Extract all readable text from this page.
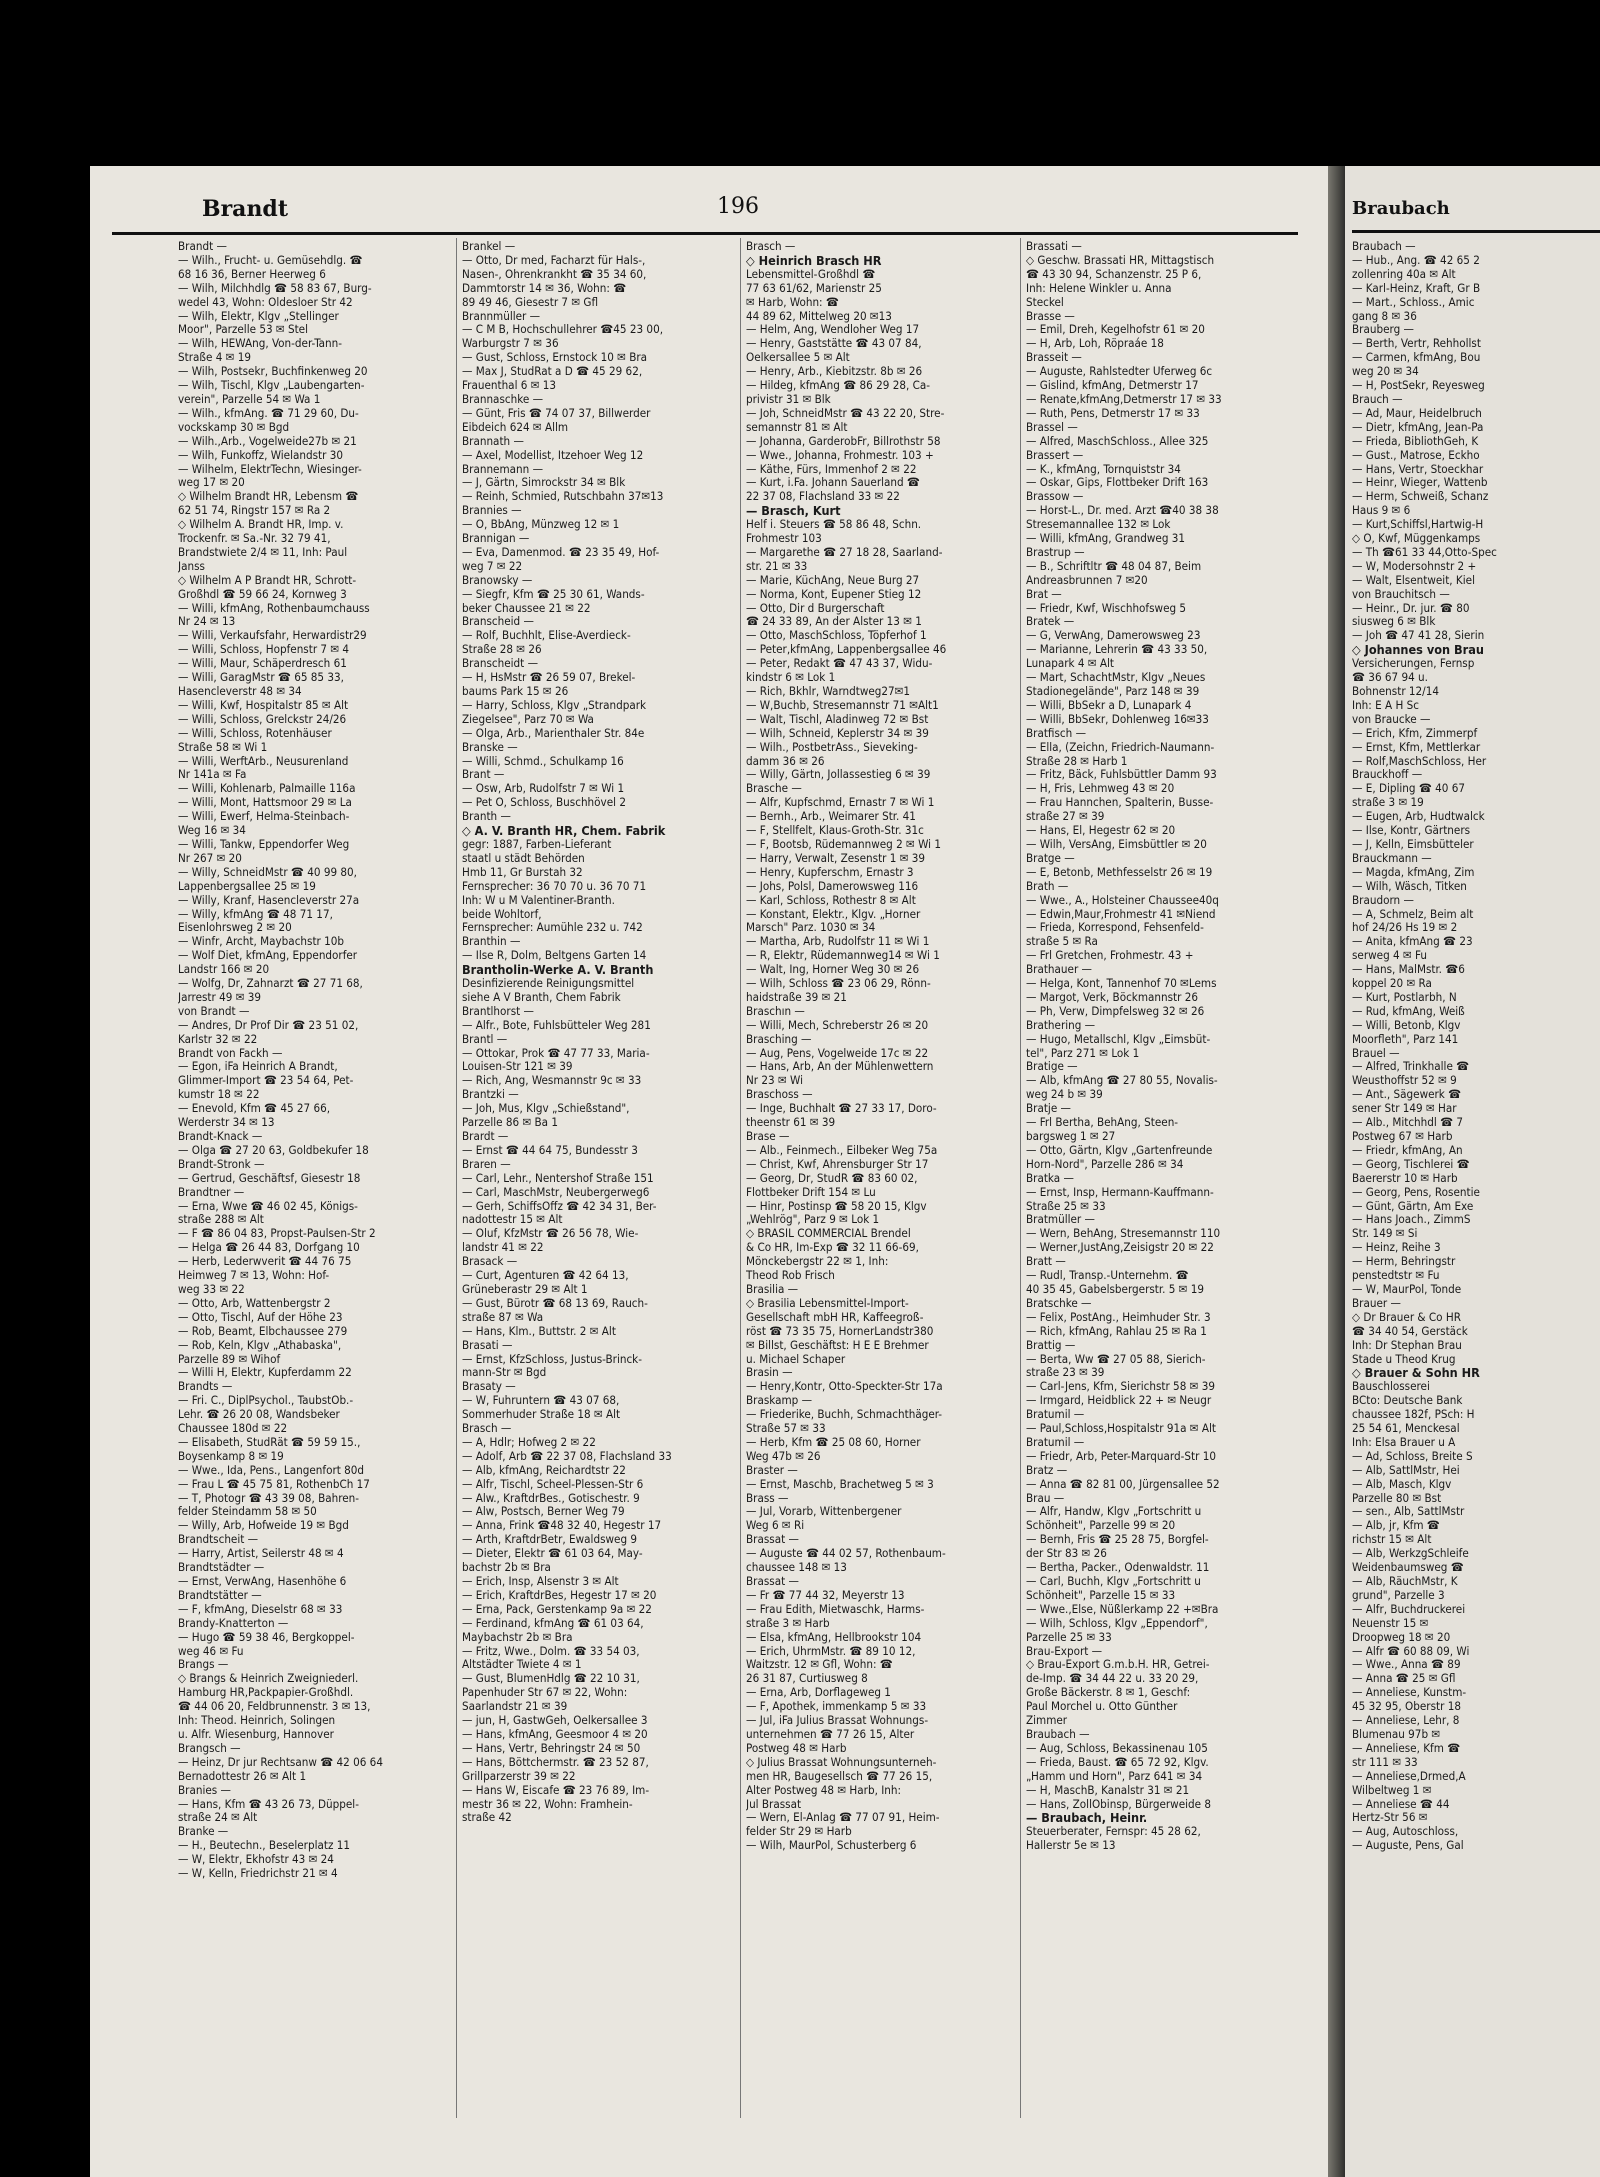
Brandt	196	Braubach
Brandt —
— Wilh., Frucht- u. Gemüsehdlg. ☎
68 16 36, Berner Heerweg 6
— Wilh, Milchhdlg ☎ 58 83 67, Burg-
wedel 43, Wohn: Oldesloer Str 42
— Wilh, Elektr, Klgv „Stellinger
Moor", Parzelle 53 ✉ Stel
— Wilh, HEWAng, Von-der-Tann-
Straße 4 ✉ 19
— Wilh, Postsekr, Buchfinkenweg 20
— Wilh, Tischl, Klgv „Laubengarten-
verein", Parzelle 54 ✉ Wa 1
— Wilh., kfmAng. ☎ 71 29 60, Du-
vockskamp 30 ✉ Bgd
— Wilh.,Arb., Vogelweide27b ✉ 21
— Wilh, Funkoffz, Wielandstr 30
— Wilhelm, ElektrTechn, Wiesinger-
weg 17 ✉ 20
◇ Wilhelm Brandt HR, Lebensm ☎
62 51 74, Ringstr 157 ✉ Ra 2
◇ Wilhelm A. Brandt HR, Imp. v.
Trockenfr. ✉ Sa.-Nr. 32 79 41,
Brandstwiete 2/4 ✉ 11, Inh: Paul
Janss
◇ Wilhelm A P Brandt HR, Schrott-
Großhdl ☎ 59 66 24, Kornweg 3
— Willi, kfmAng, Rothenbaumchauss
Nr 24 ✉ 13
— Willi, Verkaufsfahr, Herwardistr29
— Willi, Schloss, Hopfenstr 7 ✉ 4
— Willi, Maur, Schäperdresch 61
— Willi, GaragMstr ☎ 65 85 33,
Hasencleverstr 48 ✉ 34
— Willi, Kwf, Hospitalstr 85 ✉ Alt
— Willi, Schloss, Grelckstr 24/26
— Willi, Schloss, Rotenhäuser
Straße 58 ✉ Wi 1
— Willi, WerftArb., Neusurenland
Nr 141a ✉ Fa
— Willi, Kohlenarb, Palmaille 116a
— Willi, Mont, Hattsmoor 29 ✉ La
— Willi, Ewerf, Helma-Steinbach-
Weg 16 ✉ 34
— Willi, Tankw, Eppendorfer Weg
Nr 267 ✉ 20
— Willy, SchneidMstr ☎ 40 99 80,
Lappenbergsallee 25 ✉ 19
— Willy, Kranf, Hasencleverstr 27a
— Willy, kfmAng ☎ 48 71 17,
Eisenlohrsweg 2 ✉ 20
— Winfr, Archt, Maybachstr 10b
— Wolf Diet, kfmAng, Eppendorfer
Landstr 166 ✉ 20
— Wolfg, Dr, Zahnarzt ☎ 27 71 68,
Jarrestr 49 ✉ 39
von Brandt —
— Andres, Dr Prof Dir ☎ 23 51 02,
Karlstr 32 ✉ 22
Brandt von Fackh —
— Egon, iFa Heinrich A Brandt,
Glimmer-Import ☎ 23 54 64, Pet-
kumstr 18 ✉ 22
— Enevold, Kfm ☎ 45 27 66,
Werderstr 34 ✉ 13
Brandt-Knack —
— Olga ☎ 27 20 63, Goldbekufer 18
Brandt-Stronk —
— Gertrud, Geschäftsf, Giesestr 18
Brandtner —
— Erna, Wwe ☎ 46 02 45, Königs-
straße 288 ✉ Alt
— F ☎ 86 04 83, Propst-Paulsen-Str 2
— Helga ☎ 26 44 83, Dorfgang 10
— Herb, Lederwverit ☎ 44 76 75
Heimweg 7 ✉ 13, Wohn: Hof-
weg 33 ✉ 22
— Otto, Arb, Wattenbergstr 2
— Otto, Tischl, Auf der Höhe 23
— Rob, Beamt, Elbchaussee 279
— Rob, Keln, Klgv „Athabaska",
Parzelle 89 ✉ Wihof
— Willi H, Elektr, Kupferdamm 22
Brandts —
— Fri. C., DiplPsychol., TaubstOb.-
Lehr. ☎ 26 20 08, Wandsbeker
Chaussee 180d ✉ 22
— Elisabeth, StudRät ☎ 59 59 15.,
Boysenkamp 8 ✉ 19
— Wwe., Ida, Pens., Langenfort 80d
— Frau L ☎ 45 75 81, RothenbCh 17
— T, Photogr ☎ 43 39 08, Bahren-
felder Steindamm 58 ✉ 50
— Willy, Arb, Hofweide 19 ✉ Bgd
Brandtscheit —
— Harry, Artist, Seilerstr 48 ✉ 4
Brandtstädter —
— Ernst, VerwAng, Hasenhöhe 6
Brandtstätter —
— F, kfmAng, Dieselstr 68 ✉ 33
Brandy-Knatterton —
— Hugo ☎ 59 38 46, Bergkoppel-
weg 46 ✉ Fu
Brangs —
◇ Brangs & Heinrich Zweigniederl.
Hamburg HR,Packpapier-Großhdl.
☎ 44 06 20, Feldbrunnenstr. 3 ✉ 13,
Inh: Theod. Heinrich, Solingen
u. Alfr. Wiesenburg, Hannover
Brangsch —
— Heinz, Dr jur Rechtsanw ☎ 42 06 64
Bernadottestr 26 ✉ Alt 1
Branies —
— Hans, Kfm ☎ 43 26 73, Düppel-
straße 24 ✉ Alt
Branke —
— H., Beutechn., Beselerplatz 11
— W, Elektr, Ekhofstr 43 ✉ 24
— W, Kelln, Friedrichstr 21 ✉ 4
Brankel —
— Otto, Dr med, Facharzt für Hals-,
Nasen-, Ohrenkrankht ☎ 35 34 60,
Dammtorstr 14 ✉ 36, Wohn: ☎
89 49 46, Giesestr 7 ✉ Gfl
Brannmüller —
— C M B, Hochschullehrer ☎45 23 00,
Warburgstr 7 ✉ 36
— Gust, Schloss, Ernstock 10 ✉ Bra
— Max J, StudRat a D ☎ 45 29 62,
Frauenthal 6 ✉ 13
Brannaschke —
— Günt, Fris ☎ 74 07 37, Billwerder
Eibdeich 624 ✉ Allm
Brannath —
— Axel, Modellist, Itzehoer Weg 12
Brannemann —
— J, Gärtn, Simrockstr 34 ✉ Blk
— Reinh, Schmied, Rutschbahn 37✉13
Brannies —
— O, BbAng, Münzweg 12 ✉ 1
Brannigan —
— Eva, Damenmod. ☎ 23 35 49, Hof-
weg 7 ✉ 22
Branowsky —
— Siegfr, Kfm ☎ 25 30 61, Wands-
beker Chaussee 21 ✉ 22
Branscheid —
— Rolf, Buchhlt, Elise-Averdieck-
Straße 28 ✉ 26
Branscheidt —
— H, HsMstr ☎ 26 59 07, Brekel-
baums Park 15 ✉ 26
— Harry, Schloss, Klgv „Strandpark
Ziegelsee", Parz 70 ✉ Wa
— Olga, Arb., Marienthaler Str. 84e
Branske —
— Willi, Schmd., Schulkamp 16
Brant —
— Osw, Arb, Rudolfstr 7 ✉ Wi 1
— Pet O, Schloss, Buschhövel 2
Branth —
◇ A. V. Branth HR, Chem. Fabrik
gegr: 1887, Farben-Lieferant
staatl u städt Behörden
Hmb 11, Gr Burstah 32
Fernsprecher: 36 70 70 u. 36 70 71
Inh: W u M Valentiner-Branth.
beide Wohltorf,
Fernsprecher: Aumühle 232 u. 742
Branthin —
— Ilse R, Dolm, Beltgens Garten 14
Brantholin-Werke A. V. Branth
Desinfizierende Reinigungsmittel
siehe A V Branth, Chem Fabrik
Brantlhorst —
— Alfr., Bote, Fuhlsbütteler Weg 281
Brantl —
— Ottokar, Prok ☎ 47 77 33, Maria-
Louisen-Str 121 ✉ 39
— Rich, Ang, Wesmannstr 9c ✉ 33
Brantzki —
— Joh, Mus, Klgv „Schießstand",
Parzelle 86 ✉ Ba 1
Brardt —
— Ernst ☎ 44 64 75, Bundesstr 3
Braren —
— Carl, Lehr., Nentershof Straße 151
— Carl, MaschMstr, Neubergerweg6
— Gerh, SchiffsOffz ☎ 42 34 31, Ber-
nadottestr 15 ✉ Alt
— Oluf, KfzMstr ☎ 26 56 78, Wie-
landstr 41 ✉ 22
Brasack —
— Curt, Agenturen ☎ 42 64 13,
Grüneberastr 29 ✉ Alt 1
— Gust, Bürotr ☎ 68 13 69, Rauch-
straße 87 ✉ Wa
— Hans, Klm., Buttstr. 2 ✉ Alt
Brasati —
— Ernst, KfzSchloss, Justus-Brinck-
mann-Str ✉ Bgd
Brasaty —
— W, Fuhruntern ☎ 43 07 68,
Sommerhuder Straße 18 ✉ Alt
Brasch —
— A, Hdlr; Hofweg 2 ✉ 22
— Adolf, Arb ☎ 22 37 08, Flachsland 33
— Alb, kfmAng, Reichardtstr 22
— Alfr, Tischl, Scheel-Plessen-Str 6
— Alw., KraftdrBes., Gotischestr. 9
— Alw, Postsch, Berner Weg 79
— Anna, Frink ☎48 32 40, Hegestr 17
— Arth, KraftdrBetr, Ewaldsweg 9
— Dieter, Elektr ☎ 61 03 64, May-
bachstr 2b ✉ Bra
— Erich, Insp, Alsenstr 3 ✉ Alt
— Erich, KraftdrBes, Hegestr 17 ✉ 20
— Erna, Pack, Gerstenkamp 9a ✉ 22
— Ferdinand, kfmAng ☎ 61 03 64,
Maybachstr 2b ✉ Bra
— Fritz, Wwe., Dolm. ☎ 33 54 03,
Altstädter Twiete 4 ✉ 1
— Gust, BlumenHdlg ☎ 22 10 31,
Papenhuder Str 67 ✉ 22, Wohn:
Saarlandstr 21 ✉ 39
— jun, H, GastwGeh, Oelkersallee 3
— Hans, kfmAng, Geesmoor 4 ✉ 20
— Hans, Vertr, Behringstr 24 ✉ 50
— Hans, Böttchermstr. ☎ 23 52 87,
Grillparzerstr 39 ✉ 22
— Hans W, Eiscafe ☎ 23 76 89, Im-
mestr 36 ✉ 22, Wohn: Framhein-
straße 42
Brasch —
◇ Heinrich Brasch HR
Lebensmittel-Großhdl ☎
77 63 61/62, Marienstr 25
✉ Harb, Wohn: ☎
44 89 62, Mittelweg 20 ✉13
— Helm, Ang, Wendloher Weg 17
— Henry, Gaststätte ☎ 43 07 84,
Oelkersallee 5 ✉ Alt
— Henry, Arb., Kiebitzstr. 8b ✉ 26
— Hildeg, kfmAng ☎ 86 29 28, Ca-
privistr 31 ✉ Blk
— Joh, SchneidMstr ☎ 43 22 20, Stre-
semannstr 81 ✉ Alt
— Johanna, GarderobFr, Billrothstr 58
— Wwe., Johanna, Frohmestr. 103 +
— Käthe, Fürs, Immenhof 2 ✉ 22
— Kurt, i.Fa. Johann Sauerland ☎
22 37 08, Flachsland 33 ✉ 22
— Brasch, Kurt
Helf i. Steuers ☎ 58 86 48, Schn.
Frohmestr 103
— Margarethe ☎ 27 18 28, Saarland-
str. 21 ✉ 33
— Marie, KüchAng, Neue Burg 27
— Norma, Kont, Eupener Stieg 12
— Otto, Dir d Burgerschaft
☎ 24 33 89, An der Alster 13 ✉ 1
— Otto, MaschSchloss, Töpferhof 1
— Peter,kfmAng, Lappenbergsallee 46
— Peter, Redakt ☎ 47 43 37, Widu-
kindstr 6 ✉ Lok 1
— Rich, Bkhlr, Warndtweg27✉1
— W,Buchb, Stresemannstr 71 ✉Alt1
— Walt, Tischl, Aladinweg 72 ✉ Bst
— Wilh, Schneid, Keplerstr 34 ✉ 39
— Wilh., PostbetrAss., Sieveking-
damm 36 ✉ 26
— Willy, Gärtn, Jollassestieg 6 ✉ 39
Braschе —
— Alfr, Kupfschmd, Ernastr 7 ✉ Wi 1
— Bernh., Arb., Weimarer Str. 41
— F, Stellfelt, Klaus-Groth-Str. 31c
— F, Bootsb, Rüdemannweg 2 ✉ Wi 1
— Harry, Verwalt, Zesenstr 1 ✉ 39
— Henry, Kupferschm, Ernastr 3
— Johs, Polsl, Damerowsweg 116
— Karl, Schloss, Rothestr 8 ✉ Alt
— Konstant, Elektr., Klgv. „Horner
Marsch" Parz. 1030 ✉ 34
— Martha, Arb, Rudolfstr 11 ✉ Wi 1
— R, Elektr, Rüdemannweg14 ✉ Wi 1
— Walt, Ing, Horner Weg 30 ✉ 26
— Wilh, Schloss ☎ 23 06 29, Rönn-
haidstraße 39 ✉ 21
Braschın —
— Willi, Mech, Schreberstr 26 ✉ 20
Brasching —
— Aug, Pens, Vogelweide 17c ✉ 22
— Hans, Arb, An der Mühlenwettern
Nr 23 ✉ Wi
Braschoss —
— Inge, Buchhalt ☎ 27 33 17, Doro-
theenstr 61 ✉ 39
Brase —
— Alb., Feinmech., Eilbeker Weg 75a
— Christ, Kwf, Ahrensburger Str 17
— Georg, Dr, StudR ☎ 83 60 02,
Flottbeker Drift 154 ✉ Lu
— Hinr, Postinsp ☎ 58 20 15, Klgv
„Wehlrög", Parz 9 ✉ Lok 1
◇ BRASIL COMMERCIAL Brendel
& Co HR, Im-Exp ☎ 32 11 66-69,
Mönckebergstr 22 ✉ 1, Inh:
Theod Rob Frisch
Brasilia —
◇ Brasilia Lebensmittel-Import-
Gesellschaft mbH HR, Kaffeegroß-
röst ☎ 73 35 75, HornerLandstr380
✉ Billst, Geschäftst: H E E Brehmer
u. Michael Schaper
Brasin —
— Henry,Kontr, Otto-Speckter-Str 17a
Braskamp —
— Friederike, Buchh, Schmachthäger-
Straße 57 ✉ 33
— Herb, Kfm ☎ 25 08 60, Horner
Weg 47b ✉ 26
Braster —
— Ernst, Maschb, Brachetweg 5 ✉ 3
Brass —
— Jul, Vorarb, Wittenbergener
Weg 6 ✉ Ri
Brassat —
— Auguste ☎ 44 02 57, Rothenbaum-
chaussee 148 ✉ 13
Brassat —
— Fr ☎ 77 44 32, Meyerstr 13
— Frau Edith, Mietwaschk, Harms-
straße 3 ✉ Harb
— Elsa, kfmAng, Hellbrookstr 104
— Erich, UhrmMstr. ☎ 89 10 12,
Waitzstr. 12 ✉ Gfl, Wohn: ☎
26 31 87, Curtiusweg 8
— Erna, Arb, Dorflageweg 1
— F, Apothek, immenkamp 5 ✉ 33
— Jul, iFa Julius Brassat Wohnungs-
unternehmen ☎ 77 26 15, Alter
Postweg 48 ✉ Harb
◇ Julius Brassat Wohnungsunterneh-
men HR, Baugesellsch ☎ 77 26 15,
Alter Postweg 48 ✉ Harb, Inh:
Jul Brassat
— Wern, El-Anlag ☎ 77 07 91, Heim-
felder Str 29 ✉ Harb
— Wilh, MaurPol, Schusterberg 6
Brassati —
◇ Geschw. Brassati HR, Mittagstisch
☎ 43 30 94, Schanzenstr. 25 P 6,
Inh: Helene Winkler u. Anna
Steckel
Brasse —
— Emil, Dreh, Kegelhofstr 61 ✉ 20
— H, Arb, Loh, Röpraáe 18
Brasseit —
— Auguste, Rahlstedter Uferweg 6c
— Gislind, kfmAng, Detmerstr 17
— Renate,kfmAng,Detmerstr 17 ✉ 33
— Ruth, Pens, Detmerstr 17 ✉ 33
Brassel —
— Alfred, MaschSchloss., Allee 325
Brassert —
— K., kfmAng, Tornquiststr 34
— Oskar, Gips, Flottbeker Drift 163
Brassow —
— Horst-L., Dr. med. Arzt ☎40 38 38
Stresemannallee 132 ✉ Lok
— Willi, kfmAng, Grandweg 31
Brastrup —
— B., Schriftltr ☎ 48 04 87, Beim
Andreasbrunnen 7 ✉20
Brat —
— Friedr, Kwf, Wischhofsweg 5
Bratek —
— G, VerwAng, Damerowsweg 23
— Marianne, Lehrerin ☎ 43 33 50,
Lunapark 4 ✉ Alt
— Mart, SchachtMstr, Klgv „Neues
Stadionegelände", Parz 148 ✉ 39
— Willi, BbSekr a D, Lunapark 4
— Willi, BbSekr, Dohlenweg 16✉33
Bratfisch —
— Ella, (Zeichn, Friedrich-Naumann-
Straße 28 ✉ Harb 1
— Fritz, Bäck, Fuhlsbüttler Damm 93
— H, Fris, Lehmweg 43 ✉ 20
— Frau Hannchen, Spalterin, Busse-
straße 27 ✉ 39
— Hans, El, Hegestr 62 ✉ 20
— Wilh, VersAng, Eimsbüttler ✉ 20
Bratge —
— E, Betonb, Methfesselstr 26 ✉ 19
Brath —
— Wwe., A., Holsteiner Chaussee40q
— Edwin,Maur,Frohmestr 41 ✉Niend
— Frieda, Korrespond, Fehsenfeld-
straße 5 ✉ Ra
— Frl Gretchen, Frohmestr. 43 +
Brathauer —
— Helga, Kont, Tannenhof 70 ✉Lems
— Margot, Verk, Böckmannstr 26
— Ph, Verw, Dimpfelsweg 32 ✉ 26
Brathering —
— Hugo, Metallschl, Klgv „Eimsbüt-
tel", Parz 271 ✉ Lok 1
Bratige —
— Alb, kfmAng ☎ 27 80 55, Novalis-
weg 24 b ✉ 39
Bratje —
— Frl Bertha, BehAng, Steen-
bargsweg 1 ✉ 27
— Otto, Gärtn, Klgv „Gartenfreunde
Horn-Nord", Parzelle 286 ✉ 34
Bratka —
— Ernst, Insp, Hermann-Kauffmann-
Straße 25 ✉ 33
Bratmüller —
— Wern, BehAng, Stresemannstr 110
— Werner,JustAng,Zeisigstr 20 ✉ 22
Bratt —
— Rudl, Transp.-Unternehm. ☎
40 35 45, Gabelsbergerstr. 5 ✉ 19
Bratschke —
— Felix, PostAng., Heimhuder Str. 3
— Rich, kfmAng, Rahlau 25 ✉ Ra 1
Brattig —
— Berta, Ww ☎ 27 05 88, Sierich-
straße 23 ✉ 39
— Carl-Jens, Kfm, Sierichstr 58 ✉ 39
— Irmgard, Heidblick 22 + ✉ Neugr
Bratumil —
— Paul,Schloss,Hospitalstr 91a ✉ Alt
Bratumil —
— Friedr, Arb, Peter-Marquard-Str 10
Bratz —
— Anna ☎ 82 81 00, Jürgensallee 52
Brau —
— Alfr, Handw, Klgv „Fortschritt u
Schönheit", Parzelle 99 ✉ 20
— Bernh, Fris ☎ 25 28 75, Borgfel-
der Str 83 ✉ 26
— Bertha, Packer., Odenwaldstr. 11
— Carl, Buchh, Klgv „Fortschritt u
Schönheit", Parzelle 15 ✉ 33
— Wwe.,Else, Nüßlerkamp 22 +✉Bra
— Wilh, Schloss, Klgv „Eppendorf",
Parzelle 25 ✉ 33
Brau-Export —
◇ Brau-Export G.m.b.H. HR, Getrei-
de-Imp. ☎ 34 44 22 u. 33 20 29,
Große Bäckerstr. 8 ✉ 1, Geschf:
Paul Morchel u. Otto Günther
Zimmer
Braubach —
— Aug, Schloss, Bekassinenau 105
— Frieda, Baust. ☎ 65 72 92, Klgv.
„Hamm und Horn", Parz 641 ✉ 34
— H, MaschB, Kanalstr 31 ✉ 21
— Hans, ZollObinsp, Bürgerweide 8
— Braubach, Heinr.
Steuerberater, Fernspr: 45 28 62,
Hallerstr 5e ✉ 13
Braubach —
— Hub., Ang. ☎ 42 65 2
zollenring 40a ✉ Alt
— Karl-Heinz, Kraft, Gr B
— Mart., Schloss., Amic
gang 8 ✉ 36
Brauberg —
— Berth, Vertr, Rehhollst
— Carmen, kfmAng, Bou
weg 20 ✉ 34
— H, PostSekr, Reyesweg
Brauch —
— Ad, Maur, Heidelbruch
— Dietr, kfmAng, Jean-Pa
— Frieda, BibliothGeh, K
— Gust., Matrose, Eckho
— Hans, Vertr, Stoeckhar
— Heinr, Wieger, Wattenb
— Herm, Schweiß, Schanz
Haus 9 ✉ 6
— Kurt,Schiffsl,Hartwig-H
◇ O, Kwf, Müggenkamps
— Th ☎61 33 44,Otto-Spec
— W, Modersohnstr 2 +
— Walt, Elsentweit, Kiel
von Brauchitsch —
— Heinr., Dr. jur. ☎ 80
siusweg 6 ✉ Blk
— Joh ☎ 47 41 28, Sierin
◇ Johannes von Brau
Versicherungen, Fernsp
☎ 36 67 94 u.
Bohnenstr 12/14
Inh: E A H Sc
von Braucke —
— Erich, Kfm, Zimmerpf
— Ernst, Kfm, Mettlerkar
— Rolf,MaschSchloss, Her
Brauckhoff —
— E, Dipling ☎ 40 67
straße 3 ✉ 19
— Eugen, Arb, Hudtwalck
— Ilse, Kontr, Gärtners
— J, Kelln, Eimsbütteler
Brauckmann —
— Magda, kfmAng, Zim
— Wilh, Wäsch, Titken
Braudorn —
— A, Schmelz, Beim alt
hof 24/26 Hs 19 ✉ 2
— Anita, kfmAng ☎ 23
serweg 4 ✉ Fu
— Hans, MalMstr. ☎6
koppel 20 ✉ Ra
— Kurt, Postlarbh, N
— Rud, kfmAng, Weiß
— Willi, Betonb, Klgv
Moorfleth", Parz 141
Brauel —
— Alfred, Trinkhalle ☎
Weusthoffstr 52 ✉ 9
— Ant., Sägewerk ☎
sener Str 149 ✉ Har
— Alb., Mitchhdl ☎ 7
Postweg 67 ✉ Harb
— Friedr, kfmAng, An
— Georg, Tischlerei ☎
Baererstr 10 ✉ Harb
— Georg, Pens, Rosentie
— Günt, Gärtn, Am Exe
— Hans Joach., ZimmS
Str. 149 ✉ Si
— Heinz, Reihe 3
— Herm, Behringstr
penstedtstr ✉ Fu
— W, MaurPol, Tonde
Brauer —
◇ Dr Brauer & Co HR
☎ 34 40 54, Gerstäck
Inh: Dr Stephan Brau
Stade u Theod Krug
◇ Brauer & Sohn HR
Bauschlosserei
BCto: Deutsche Bank
chaussee 182f, PSch: H
25 54 61, Menckesal
Inh: Elsa Brauer u A
— Ad, Schloss, Breite S
— Alb, SattlMstr, Hei
— Alb, Masch, Klgv
Parzelle 80 ✉ Bst
— sen., Alb, SattlMstr
— Alb, jr, Kfm ☎
richstr 15 ✉ Alt
— Alb, WerkzgSchleife
Weidenbaumsweg ☎
— Alb, RäuchMstr, K
grund", Parzelle 3
— Alfr, Buchdruckerei
Neuenstr 15 ✉
Droopweg 18 ✉ 20
— Alfr ☎ 60 88 09, Wi
— Wwe., Anna ☎ 89
— Anna ☎ 25 ✉ Gfl
— Anneliese, Kunstm-
45 32 95, Oberstr 18
— Anneliese, Lehr, 8
Blumenau 97b ✉
— Anneliese, Kfm ☎
str 111 ✉ 33
— Anneliese,Drmed,A
Wilbeltweg 1 ✉
— Anneliese ☎ 44
Hertz-Str 56 ✉
— Aug, Autoschloss,
— Auguste, Pens, Gal
